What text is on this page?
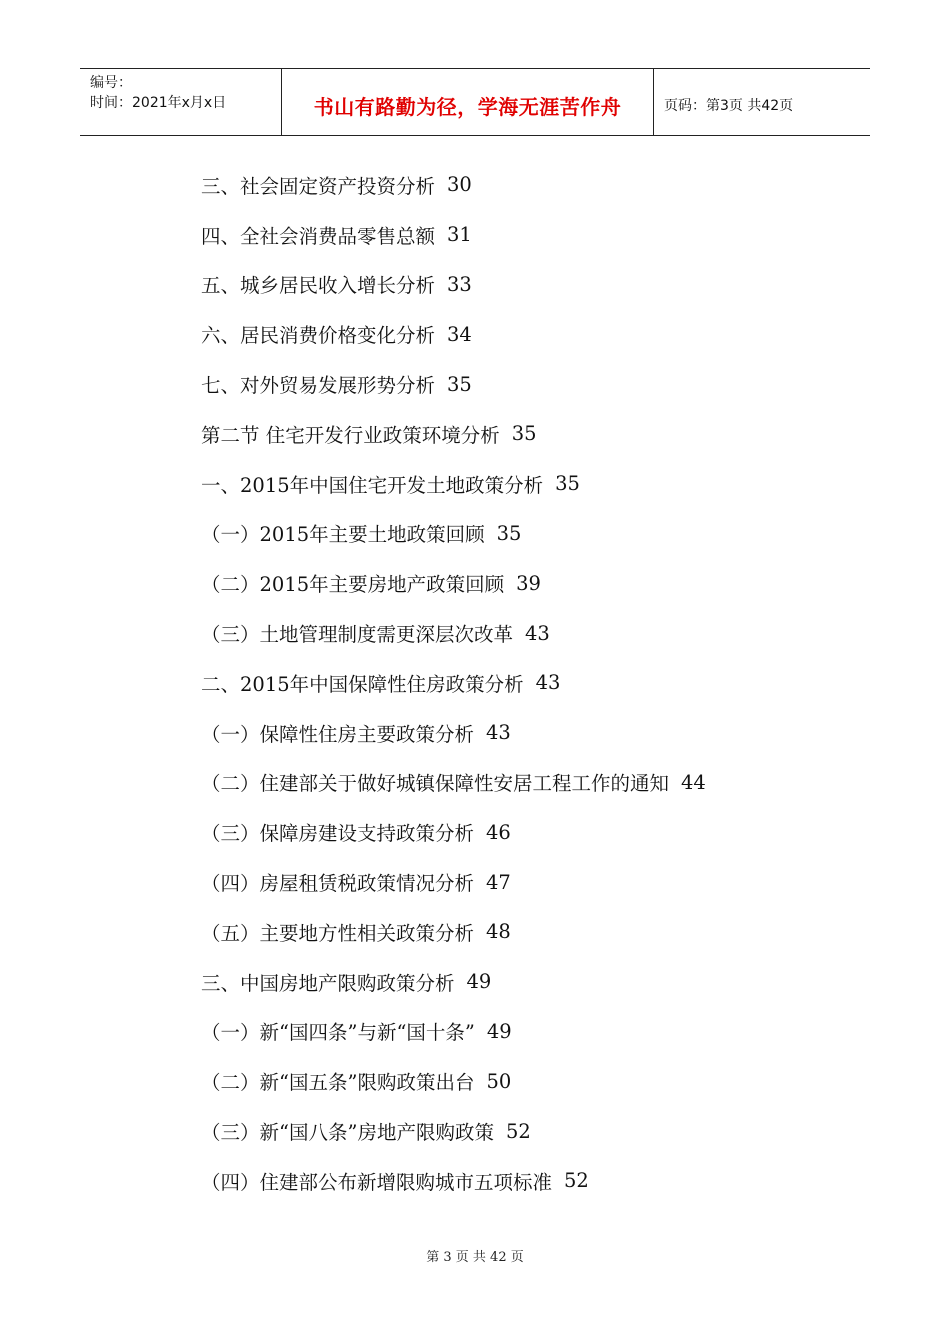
编号：
时间：2021年x月x日	书山有路勤为径，学海无涯苦作舟	页码：第3页 共42页
三、社会固定资产投资分析 30
四、全社会消费品零售总额 31
五、城乡居民收入增长分析 33
六、居民消费价格变化分析 34
七、对外贸易发展形势分析 35
第二节 住宅开发行业政策环境分析 35
一、2015年中国住宅开发土地政策分析 35
（一）2015年主要土地政策回顾 35
（二）2015年主要房地产政策回顾 39
（三）土地管理制度需更深层次改革 43
二、2015年中国保障性住房政策分析 43
（一）保障性住房主要政策分析 43
（二）住建部关于做好城镇保障性安居工程工作的通知 44
（三）保障房建设支持政策分析 46
（四）房屋租赁税政策情况分析 47
（五）主要地方性相关政策分析 48
三、中国房地产限购政策分析 49
（一）新“国四条”与新“国十条” 49
（二）新“国五条”限购政策出台 50
（三）新“国八条”房地产限购政策 52
（四）住建部公布新增限购城市五项标准 52
第 3 页 共 42 页
